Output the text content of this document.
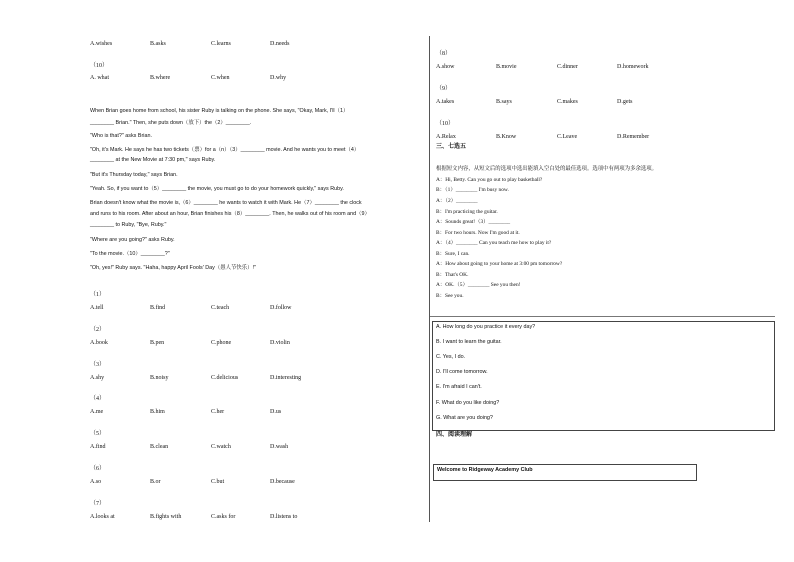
A.wishes	B.asks	C.learns	D.needs
（10）
A. what	B.where	C.when	D.why
When Brian goes home from school, his sister Ruby is talking on the phone. She says, "Okay, Mark, I'll（1）
________ Brian." Then, she puts down（放下）the（2）________.
"Who is that?" asks Brian.
"Oh, it's Mark. He says he has two tickets（票）for a（n）（3）________ movie. And he wants you to meet（4）
________ at the New Movie at 7:30 pm," says Ruby.
"But it's Thursday today," says Brian.
"Yeah. So, if you want to（5）________ the movie, you must go to do your homework quickly," says Ruby.
Brian doesn't know what the movie is,（6）________ he wants to watch it with Mark. He（7）________ the clock
and runs to his room. After about an hour, Brian finishes his（8）________. Then, he walks out of his room and（9）
________ to Ruby, "Bye, Ruby."
"Where are you going?" asks Ruby.
"To the movie.（10）________?"
"Oh, yes!" Ruby says. "Haha, happy April Fools' Day（愚人节快乐）!"
（1）
A.tell	B.find	C.teach	D.follow
（2）
A.book	B.pen	C.phone	D.violin
（3）
A.shy	B.noisy	C.delicious	D.interesting
（4）
A.me	B.him	C.her	D.us
（5）
A.find	B.clean	C.watch	D.wash
（6）
A.so	B.or	C.but	D.because
（7）
A.looks at	B.fights with	C.asks for	D.listens to
（8）
A.show	B.movie	C.dinner	D.homework
（9）
A.takes	B.says	C.makes	D.gets
（10）
A.Relax	B.Know	C.Leave	D.Remember
三、七选五
根据短文内容，从短文后的选项中选出能填入空白处的最佳选项。选项中有两项为多余选项。
A：Hi, Betty. Can you go out to play basketball?
B：（1）________ I'm busy now.
A：（2）________
B：I'm practicing the guitar.
A：Sounds great!（3）________
B：For two hours. Now I'm good at it.
A：（4）________ Can you teach me how to play it?
B：Sure, I can.
A：How about going to your home at 3:00 pm tomorrow?
B：That's OK.
A：OK.（5）________ See you then!
B：See you.
A. How long do you practice it every day?
B. I want to learn the guitar.
C. Yes, I do.
D. I'll come tomorrow.
E. I'm afraid I can't.
F. What do you like doing?
G. What are you doing?
四、阅读理解
Welcome to Ridgeway Academy Club
